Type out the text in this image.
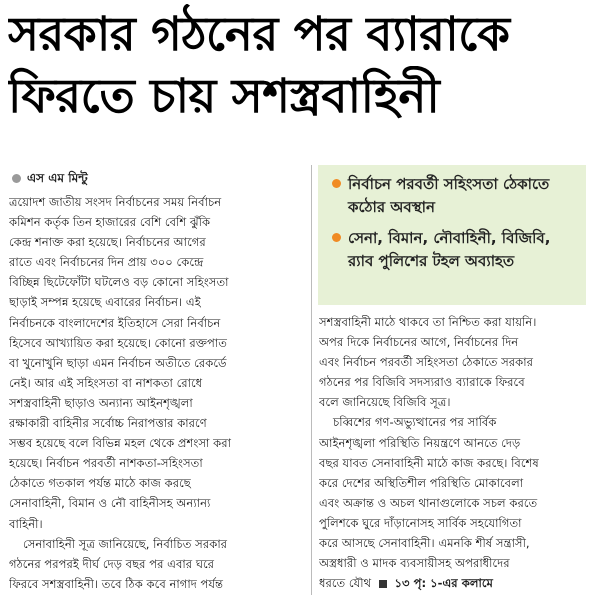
সরকার গঠনের পর ব্যারাকে
ফিরতে চায় সশস্ত্রবাহিনী
এস এম মিন্টু	নির্বাচন পরবর্তী সহিংসতা ঠেকাতে কঠোর অবস্থান
সেনা, বিমান, নৌবাহিনী, বিজিবি, র‌্যাব পুলিশের টহল অব্যাহত
ত্রয়োদশ জাতীয় সংসদ নির্বাচনের সময় নির্বাচন
কমিশন কর্তৃক তিন হাজারের বেশি বেশি ঝুঁকি
কেন্দ্র শনাক্ত করা হয়েছে। নির্বাচনের আগের
রাতে এবং নির্বাচনের দিন প্রায় ৩০০ কেন্দ্রে
বিচ্ছিন্ন ছিটেফোঁটা ঘটলেও বড় কোনো সহিংসতা
ছাড়াই সম্পন্ন হয়েছে এবারের নির্বাচন। এই
নির্বাচনকে বাংলাদেশের ইতিহাসে সেরা নির্বাচন
হিসেবে আখ্যায়িত করা হয়েছে। কোনো রক্তপাত
বা খুনোখুনি ছাড়া এমন নির্বাচন অতীতে রেকর্ডে
নেই। আর এই সহিংসতা বা নাশকতা রোধে
সশস্ত্রবাহিনী ছাড়াও অন্যান্য আইনশৃঙ্খলা
রক্ষাকারী বাহিনীর সর্বোচ্চ নিরাপত্তার কারণে
সম্ভব হয়েছে বলে বিভিন্ন মহল থেকে প্রশংসা করা
হয়েছে। নির্বাচন পরবর্তী নাশকতা-সহিংসতা
ঠেকাতে গতকাল পর্যন্ত মাঠে কাজ করছে
সেনাবাহিনী, বিমান ও নৌ বাহিনীসহ অন্যান্য
বাহিনী।
সেনাবাহিনী সূত্র জানিয়েছে, নির্বাচিত সরকার
গঠনের পরপরই দীর্ঘ দেড় বছর পর এবার ঘরে
ফিরবে সশস্ত্রবাহিনী। তবে ঠিক কবে নাগাদ পর্যন্ত
সশস্ত্রবাহিনী মাঠে থাকবে তা নিশ্চিত করা যায়নি।
অপর দিকে নির্বাচনের আগে, নির্বাচনের দিন
এবং নির্বাচন পরবর্তী সহিংসতা ঠেকাতে সরকার
গঠনের পর বিজিবি সদস্যরাও ব্যারাকে ফিরবে
বলে জানিয়েছে বিজিবি সূত্র।
চব্বিশের গণ-অভ্যুত্থানের পর সার্বিক
আইনশৃঙ্খলা পরিস্থিতি নিয়ন্ত্রণে আনতে দেড়
বছর যাবত সেনাবাহিনী মাঠে কাজ করছে। বিশেষ
করে দেশের অস্থিতিশীল পরিস্থিতি মোকাবেলা
এবং অক্রান্ত ও অচল থানাগুলোকে সচল করতে
পুলিশকে ঘুরে দাঁড়ানোসহ সার্বিক সহযোগিতা
করে আসছে সেনাবাহিনী। এমনকি শীর্ষ সন্ত্রাসী,
অস্ত্রধারী ও মাদক ব্যবসায়ীসহ অপরাধীদের
ধরতে যৌথ ১৩ পৃ: ১-এর কলামে
